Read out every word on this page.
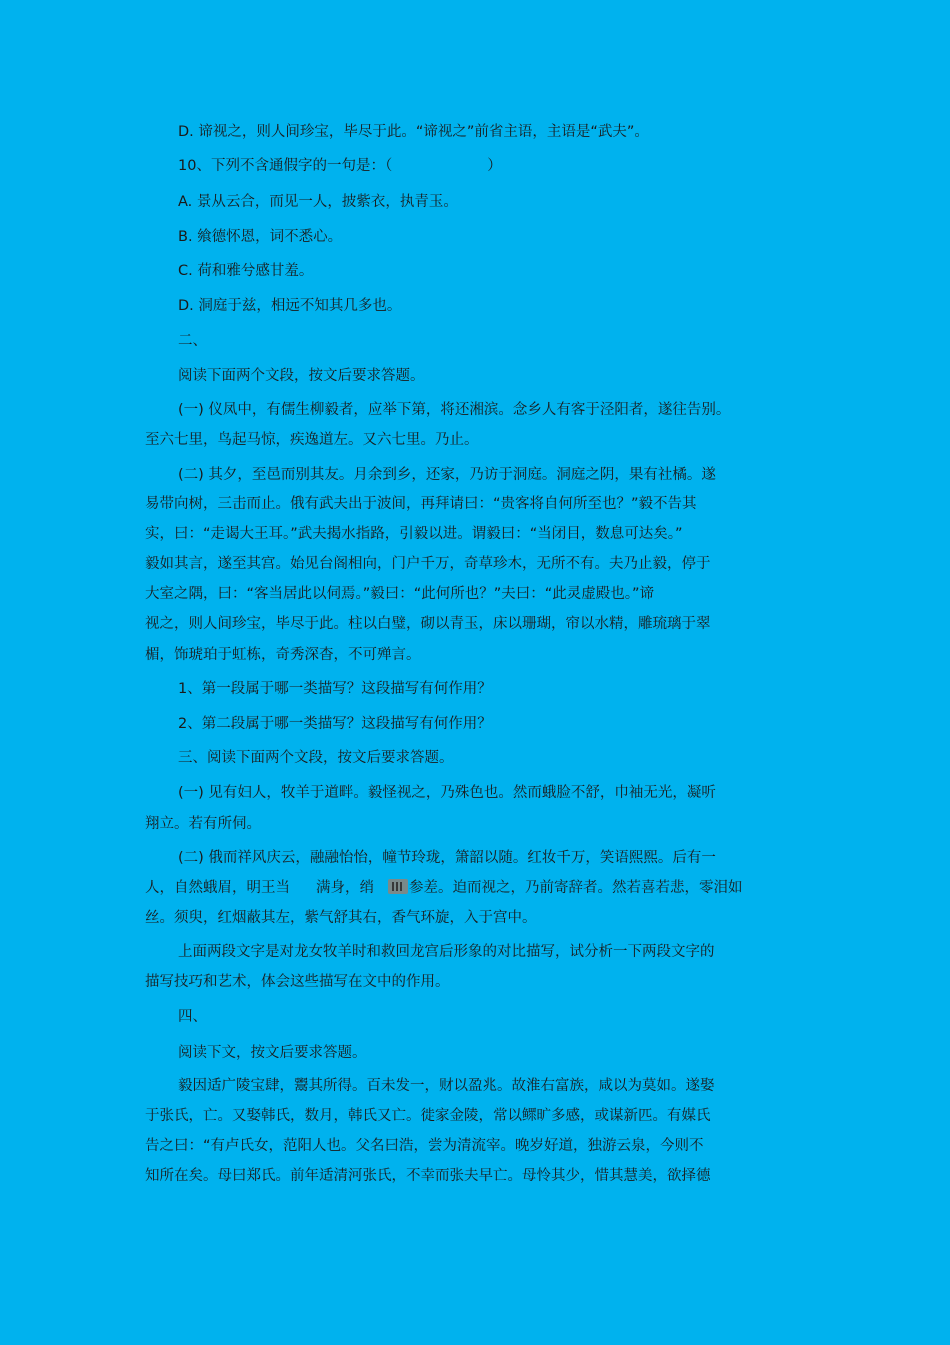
D. 谛视之，则人间珍宝，毕尽于此。“谛视之”前省主语，主语是“武夫”。
10、下列不含通假字的一句是：（	）
A. 景从云合，而见一人，披紫衣，执青玉。
B. 飨德怀恩，词不悉心。
C. 荷和雅兮感甘羞。
D. 洞庭于兹，相远不知其几多也。
二、
阅读下面两个文段，按文后要求答题。
(一) 仪凤中，有儒生柳毅者，应举下第，将还湘滨。念乡人有客于泾阳者，遂往告别。
至六七里，鸟起马惊，疾逸道左。又六七里。乃止。
(二) 其夕，至邑而别其友。月余到乡，还家，乃访于洞庭。洞庭之阴，果有社橘。遂
易带向树，三击而止。俄有武夫出于波间，再拜请曰：“贵客将自何所至也？”毅不告其
实，曰：“走谒大王耳。”武夫揭水指路，引毅以进。谓毅曰：“当闭目，数息可达矣。”
毅如其言，遂至其宫。始见台阁相向，门户千万，奇草珍木，无所不有。夫乃止毅，停于
大室之隅，曰：“客当居此以伺焉。”毅曰：“此何所也？”夫曰：“此灵虚殿也。”谛
视之，则人间珍宝，毕尽于此。柱以白璧，砌以青玉，床以珊瑚，帘以水精，雕琉璃于翠
楣，饰琥珀于虹栋，奇秀深杳，不可殚言。
1、第一段属于哪一类描写？这段描写有何作用？
2、第二段属于哪一类描写？这段描写有何作用？
三、阅读下面两个文段，按文后要求答题。
(一) 见有妇人，牧羊于道畔。毅怪视之，乃殊色也。然而蛾脸不舒，巾袖无光，凝听
翔立。若有所伺。
(二) 俄而祥风庆云，融融怡怡，幢节玲珑，箫韶以随。红妆千万，笑语熙熙。后有一
人，自然蛾眉，明王当 满身，绡 参差。迫而视之，乃前寄辞者。然若喜若悲，零泪如
丝。须臾，红烟蔽其左，紫气舒其右，香气环旋，入于宫中。
上面两段文字是对龙女牧羊时和救回龙宫后形象的对比描写，试分析一下两段文字的
描写技巧和艺术，体会这些描写在文中的作用。
四、
阅读下文，按文后要求答题。
毅因适广陵宝肆，鬻其所得。百未发一，财以盈兆。故淮右富族，咸以为莫如。遂娶
于张氏，亡。又娶韩氏，数月，韩氏又亡。徙家金陵，常以鳏旷多感，或谋新匹。有媒氏
告之曰：“有卢氏女，范阳人也。父名曰浩，尝为清流宰。晚岁好道，独游云泉，今则不
知所在矣。母曰郑氏。前年适清河张氏，不幸而张夫早亡。母怜其少，惜其慧美，欲择德
